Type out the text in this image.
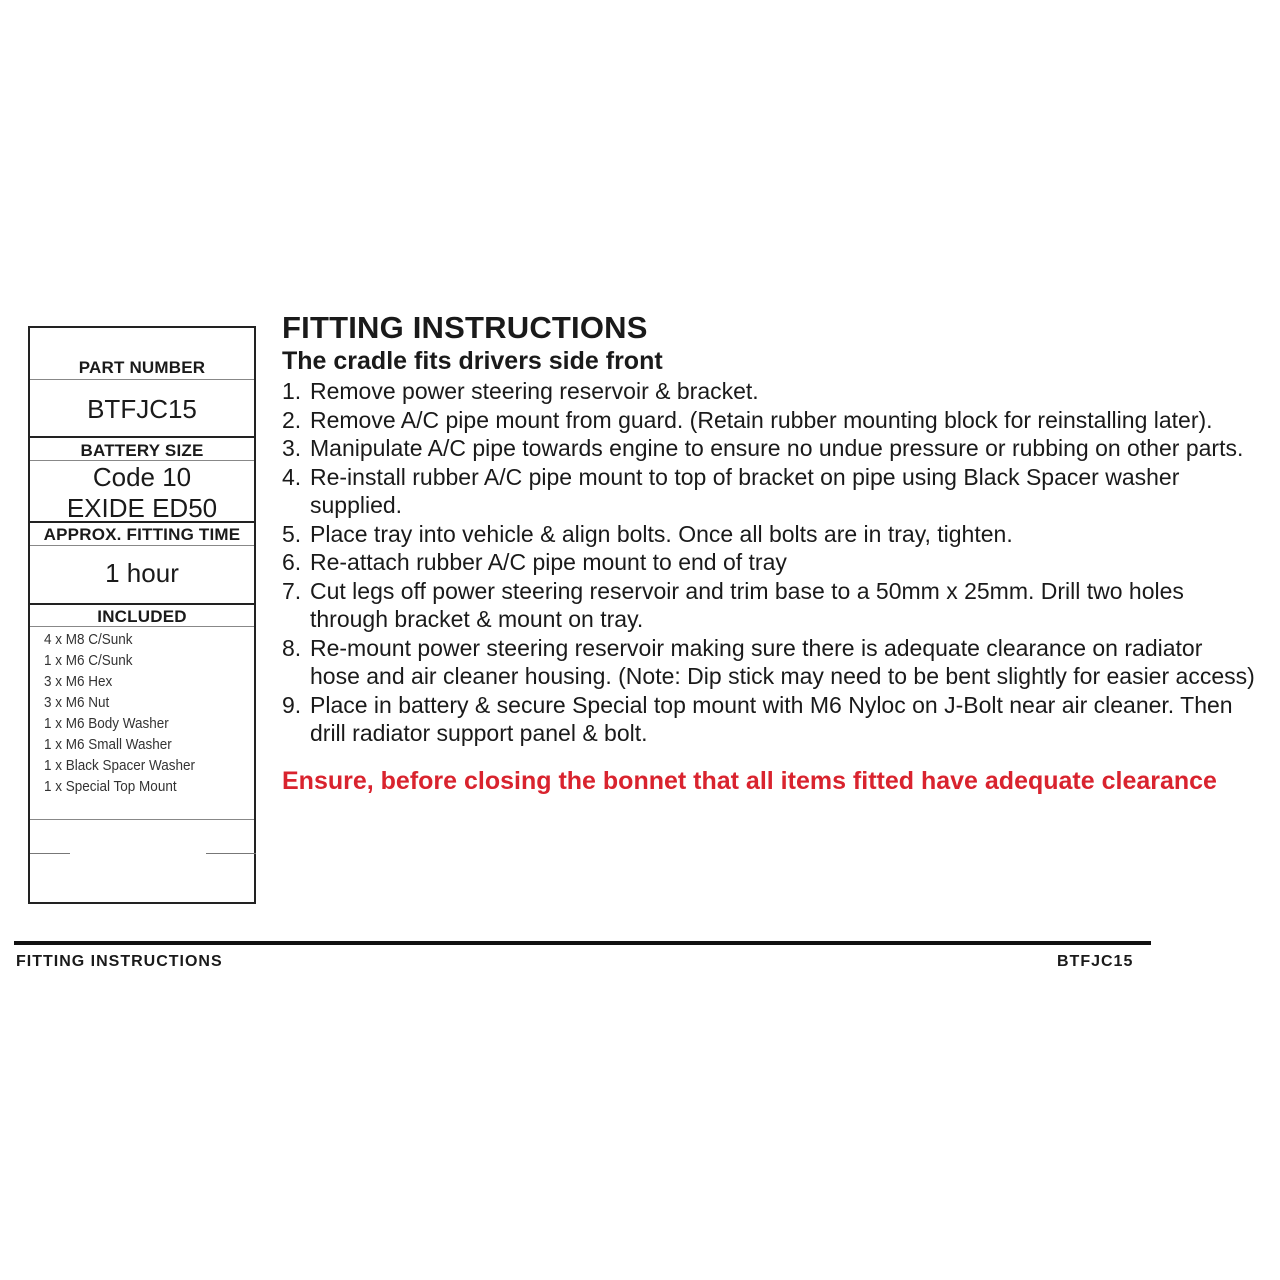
PART NUMBER
BTFJC15
BATTERY SIZE
Code 10
EXIDE ED50
APPROX. FITTING TIME
1 hour
INCLUDED
4 x M8 C/Sunk
1 x M6 C/Sunk
3 x M6 Hex
3 x M6 Nut
1 x M6 Body Washer
1 x M6 Small Washer
1 x Black Spacer Washer
1 x Special Top Mount
FITTING INSTRUCTIONS
The cradle fits drivers side front
1. Remove power steering reservoir & bracket.
2. Remove A/C pipe mount from guard. (Retain rubber mounting block for reinstalling later).
3. Manipulate A/C pipe towards engine to ensure no undue pressure or rubbing on other parts.
4. Re-install rubber A/C pipe mount to top of bracket on pipe using Black Spacer washer supplied.
5. Place tray into vehicle & align bolts. Once all bolts are in tray, tighten.
6. Re-attach rubber A/C pipe mount to end of tray
7. Cut legs off power steering reservoir and trim base to a 50mm x 25mm. Drill two holes through bracket & mount on tray.
8. Re-mount power steering reservoir making sure there is adequate clearance on radiator hose and air cleaner housing. (Note: Dip stick may need to be bent slightly for easier access)
9. Place in battery & secure Special top mount with M6 Nyloc on J-Bolt near air cleaner. Then drill radiator support panel & bolt.
Ensure, before closing the bonnet that all items fitted have adequate clearance
FITTING INSTRUCTIONS	BTFJC15
